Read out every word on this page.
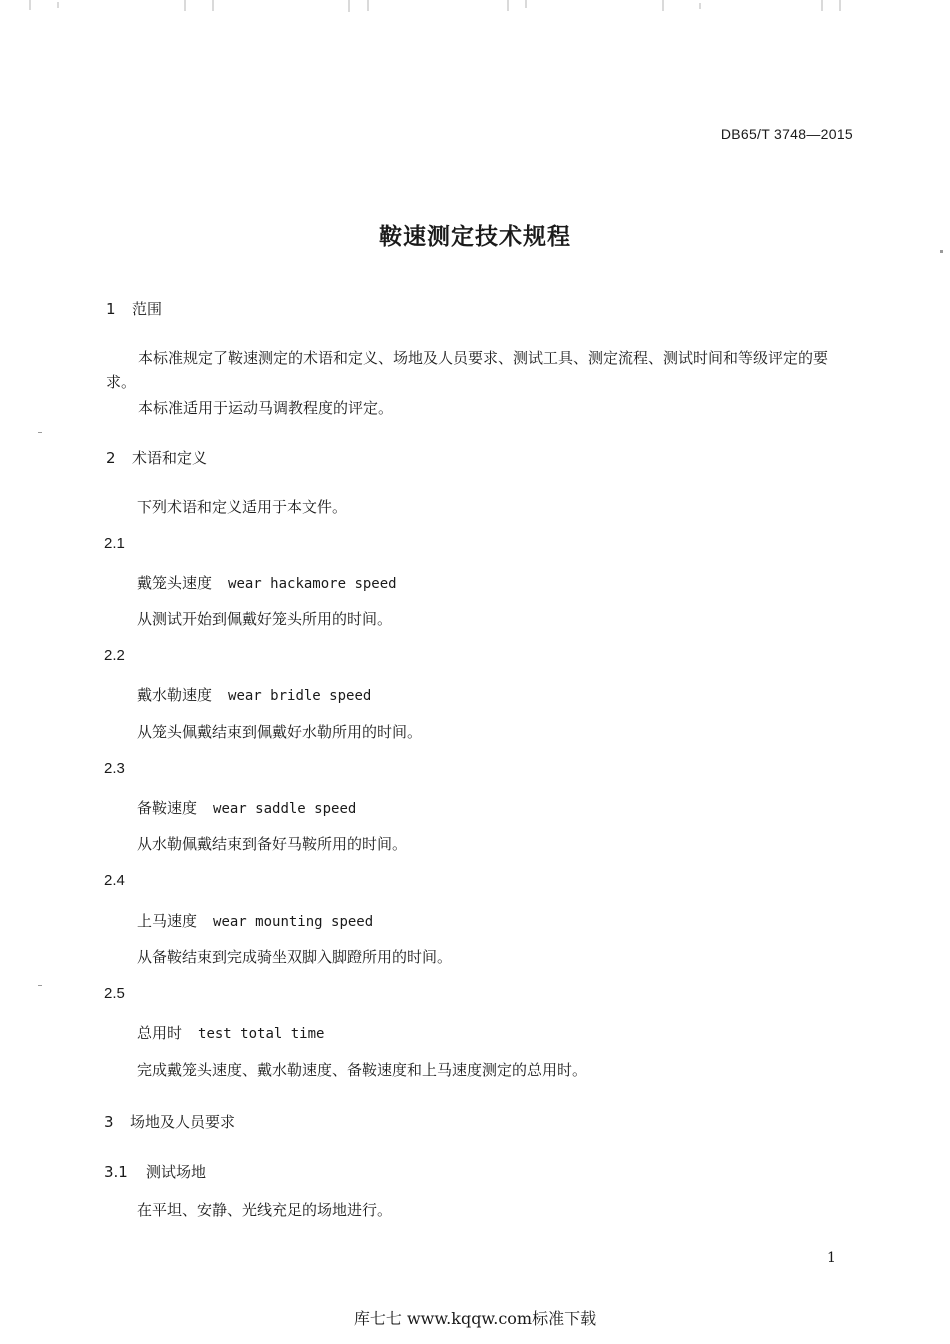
DB65/T 3748—2015
鞍速测定技术规程
1 范围
本标准规定了鞍速测定的术语和定义、场地及人员要求、测试工具、测定流程、测试时间和等级评定的要求。
本标准适用于运动马调教程度的评定。
2 术语和定义
下列术语和定义适用于本文件。
2.1
戴笼头速度 wear hackamore speed
从测试开始到佩戴好笼头所用的时间。
2.2
戴水勒速度 wear bridle speed
从笼头佩戴结束到佩戴好水勒所用的时间。
2.3
备鞍速度 wear saddle speed
从水勒佩戴结束到备好马鞍所用的时间。
2.4
上马速度 wear mounting speed
从备鞍结束到完成骑坐双脚入脚蹬所用的时间。
2.5
总用时 test total time
完成戴笼头速度、戴水勒速度、备鞍速度和上马速度测定的总用时。
3 场地及人员要求
3.1 测试场地
在平坦、安静、光线充足的场地进行。
1
库七七 www.kqqw.com标准下载
